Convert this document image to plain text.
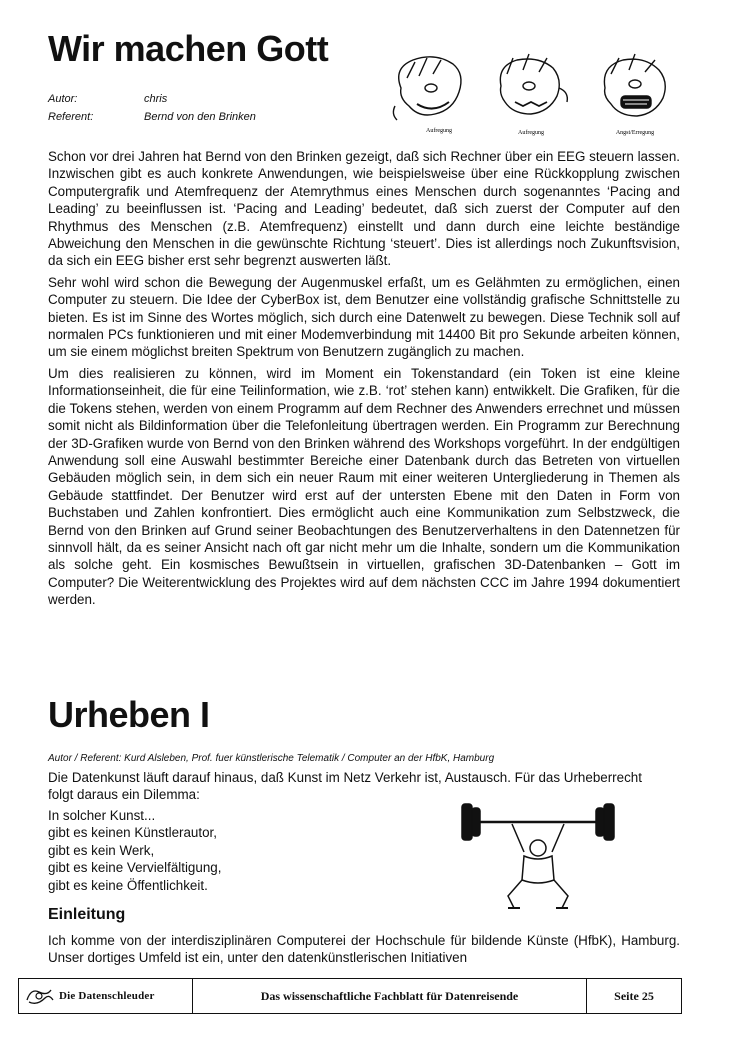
Wir machen Gott
Autor:	chris
Referent:	Bernd von den Brinken
Aufregung	Aufregung	Angst/Erregung

Schon vor drei Jahren hat Bernd von den Brinken gezeigt, daß sich Rechner über ein EEG steuern lassen. Inzwischen gibt es auch konkrete Anwendungen, wie beispielsweise über eine Rückkopplung zwischen Computergrafik und Atemfrequenz der Atemrythmus eines Menschen durch sogenanntes ‘Pacing and Leading’ zu beeinflussen ist. ‘Pacing and Leading’ bedeutet, daß sich zuerst der Computer auf den Rhythmus des Menschen (z.B. Atemfrequenz) einstellt und dann durch eine leichte beständige Abweichung den Menschen in die gewünschte Richtung ‘steuert’. Dies ist allerdings noch Zukunftsvision, da sich ein EEG bisher erst sehr begrenzt auswerten läßt.

Sehr wohl wird schon die Bewegung der Augenmuskel erfaßt, um es Gelähmten zu ermöglichen, einen Computer zu steuern. Die Idee der CyberBox ist, dem Benutzer eine vollständig grafische Schnittstelle zu bieten. Es ist im Sinne des Wortes möglich, sich durch eine Datenwelt zu bewegen. Diese Technik soll auf normalen PCs funktionieren und mit einer Modemverbindung mit 14400 Bit pro Sekunde arbeiten können, um sie einem möglichst breiten Spektrum von Benutzern zugänglich zu machen.

Um dies realisieren zu können, wird im Moment ein Tokenstandard (ein Token ist eine kleine Informationseinheit, die für eine Teilinformation, wie z.B. ‘rot’ stehen kann) entwikkelt. Die Grafiken, für die die Tokens stehen, werden von einem Programm auf dem Rechner des Anwenders errechnet und müssen somit nicht als Bildinformation über die Telefonleitung übertragen werden. Ein Programm zur Berechnung der 3D-Grafiken wurde von Bernd von den Brinken während des Workshops vorgeführt. In der endgültigen Anwendung soll eine Auswahl bestimmter Bereiche einer Datenbank durch das Betreten von virtuellen Gebäuden möglich sein, in dem sich ein neuer Raum mit einer weiteren Untergliederung in Themen als Gebäude stattfindet. Der Benutzer wird erst auf der untersten Ebene mit den Daten in Form von Buchstaben und Zahlen konfrontiert. Dies ermöglicht auch eine Kommunikation zum Selbstzweck, die Bernd von den Brinken auf Grund seiner Beobachtungen des Benutzerverhaltens in den Datennetzen für sinnvoll hält, da es seiner Ansicht nach oft gar nicht mehr um die Inhalte, sondern um die Kommunikation als solche geht. Ein kosmisches Bewußtsein in virtuellen, grafischen 3D-Datenbanken – Gott im Computer? Die Weiterentwicklung des Projektes wird auf dem nächsten CCC im Jahre 1994 dokumentiert werden.

Urheben I
Autor / Referent: Kurd Alsleben, Prof. fuer künstlerische Telematik / Computer an der HfbK, Hamburg
Die Datenkunst läuft darauf hinaus, daß Kunst im Netz Verkehr ist, Austausch. Für das Urheberrecht folgt daraus ein Dilemma:
In solcher Kunst...
gibt es keinen Künstlerautor,
gibt es kein Werk,
gibt es keine Vervielfältigung,
gibt es keine Öffentlichkeit.
Einleitung
Ich komme von der interdisziplinären Computerei der Hochschule für bildende Künste (HfbK), Hamburg. Unser dortiges Umfeld ist ein, unter den datenkünstlerischen Initiativen
Die Datenschleuder	Das wissenschaftliche Fachblatt für Datenreisende	Seite 25
